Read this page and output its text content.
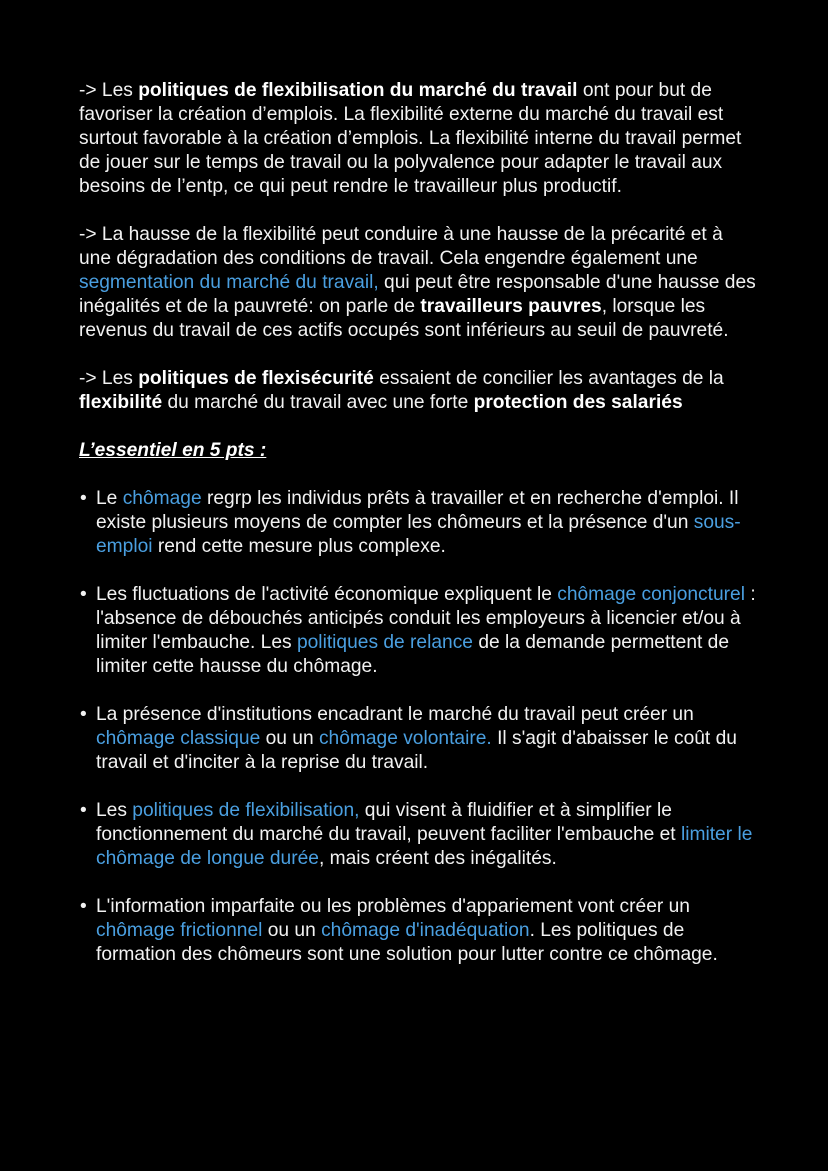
-> Les politiques de flexibilisation du marché du travail ont pour but de favoriser la création d’emplois. La flexibilité externe du marché du travail est surtout favorable à la création d’emplois. La flexibilité interne du travail permet de jouer sur le temps de travail ou la polyvalence pour adapter le travail aux besoins de l’entp, ce qui peut rendre le travailleur plus productif.

-> La hausse de la flexibilité peut conduire à une hausse de la précarité et à une dégradation des conditions de travail. Cela engendre également une segmentation du marché du travail, qui peut être responsable d'une hausse des inégalités et de la pauvreté: on parle de travailleurs pauvres, lorsque les revenus du travail de ces actifs occupés sont inférieurs au seuil de pauvreté.

-> Les politiques de flexisécurité essaient de concilier les avantages de la flexibilité du marché du travail avec une forte protection des salariés

L’essentiel en 5 pts :

• Le chômage regrp les individus prêts à travailler et en recherche d'emploi. Il existe plusieurs moyens de compter les chômeurs et la présence d'un sous-emploi rend cette mesure plus complexe.
• Les fluctuations de l'activité économique expliquent le chômage conjoncturel : l'absence de débouchés anticipés conduit les employeurs à licencier et/ou à limiter l'embauche. Les politiques de relance de la demande permettent de limiter cette hausse du chômage.
• La présence d'institutions encadrant le marché du travail peut créer un chômage classique ou un chômage volontaire. Il s'agit d'abaisser le coût du travail et d'inciter à la reprise du travail.
• Les politiques de flexibilisation, qui visent à fluidifier et à simplifier le fonctionnement du marché du travail, peuvent faciliter l'embauche et limiter le chômage de longue durée, mais créent des inégalités.
• L'information imparfaite ou les problèmes d'appariement vont créer un chômage frictionnel ou un chômage d'inadéquation. Les politiques de formation des chômeurs sont une solution pour lutter contre ce chômage.
